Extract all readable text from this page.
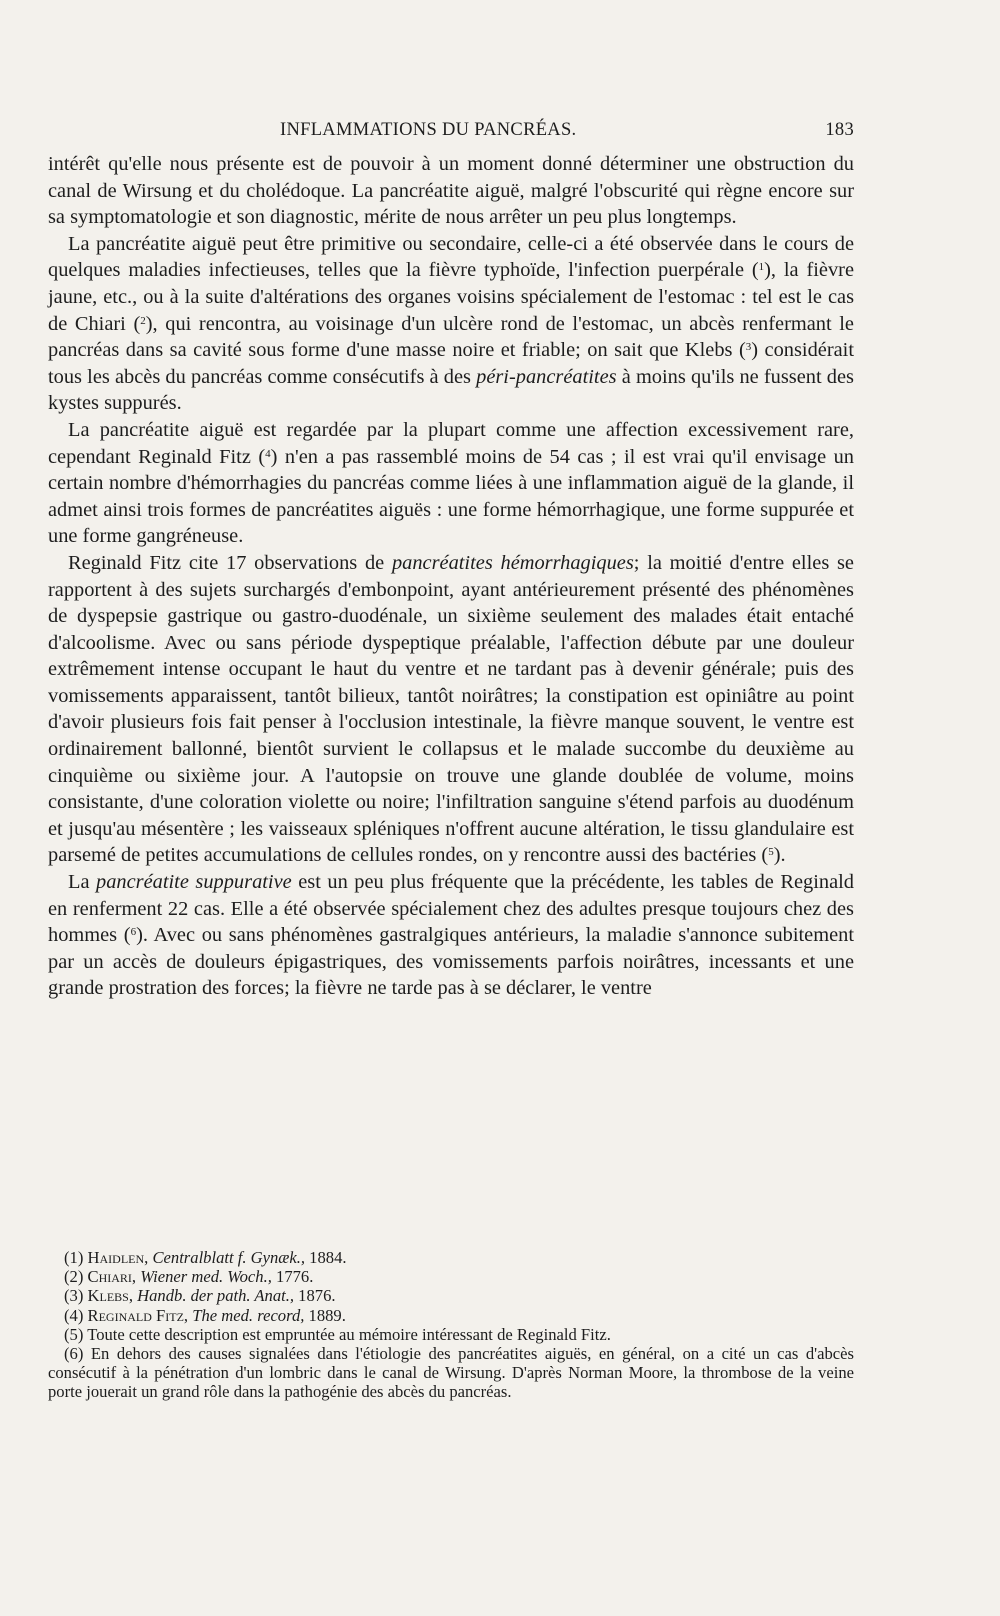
INFLAMMATIONS DU PANCRÉAS.	183

intérêt qu'elle nous présente est de pouvoir à un moment donné déterminer une obstruction du canal de Wirsung et du cholédoque. La pancréatite aiguë, malgré l'obscurité qui règne encore sur sa symptomatologie et son diagnostic, mérite de nous arrêter un peu plus longtemps.

La pancréatite aiguë peut être primitive ou secondaire, celle-ci a été observée dans le cours de quelques maladies infectieuses, telles que la fièvre typhoïde, l'infection puerpérale ($^1$), la fièvre jaune, etc., ou à la suite d'altérations des organes voisins spécialement de l'estomac : tel est le cas de Chiari ($^2$), qui rencontra, au voisinage d'un ulcère rond de l'estomac, un abcès renfermant le pancréas dans sa cavité sous forme d'une masse noire et friable; on sait que Klebs ($^3$) considérait tous les abcès du pancréas comme consécutifs à des péri-pancréatites à moins qu'ils ne fussent des kystes suppurés.

La pancréatite aiguë est regardée par la plupart comme une affection excessivement rare, cependant Reginald Fitz ($^4$) n'en a pas rassemblé moins de 54 cas ; il est vrai qu'il envisage un certain nombre d'hémorrhagies du pancréas comme liées à une inflammation aiguë de la glande, il admet ainsi trois formes de pancréatites aiguës : une forme hémorrhagique, une forme suppurée et une forme gangréneuse.

Reginald Fitz cite 17 observations de pancréatites hémorrhagiques; la moitié d'entre elles se rapportent à des sujets surchargés d'embonpoint, ayant antérieurement présenté des phénomènes de dyspepsie gastrique ou gastro-duodénale, un sixième seulement des malades était entaché d'alcoolisme. Avec ou sans période dyspeptique préalable, l'affection débute par une douleur extrêmement intense occupant le haut du ventre et ne tardant pas à devenir générale; puis des vomissements apparaissent, tantôt bilieux, tantôt noirâtres; la constipation est opiniâtre au point d'avoir plusieurs fois fait penser à l'occlusion intestinale, la fièvre manque souvent, le ventre est ordinairement ballonné, bientôt survient le collapsus et le malade succombe du deuxième au cinquième ou sixième jour. A l'autopsie on trouve une glande doublée de volume, moins consistante, d'une coloration violette ou noire; l'infiltration sanguine s'étend parfois au duodénum et jusqu'au mésentère ; les vaisseaux spléniques n'offrent aucune altération, le tissu glandulaire est parsemé de petites accumulations de cellules rondes, on y rencontre aussi des bactéries ($^5$).

La pancréatite suppurative est un peu plus fréquente que la précédente, les tables de Reginald en renferment 22 cas. Elle a été observée spécialement chez des adultes presque toujours chez des hommes ($^6$). Avec ou sans phénomènes gastralgiques antérieurs, la maladie s'annonce subitement par un accès de douleurs épigastriques, des vomissements parfois noirâtres, incessants et une grande prostration des forces; la fièvre ne tarde pas à se déclarer, le ventre

(1) Haidlen, Centralblatt f. Gynæk., 1884.

(2) Chiari, Wiener med. Woch., 1776.

(3) Klebs, Handb. der path. Anat., 1876.

(4) Reginald Fitz, The med. record, 1889.

(5) Toute cette description est empruntée au mémoire intéressant de Reginald Fitz.

(6) En dehors des causes signalées dans l'étiologie des pancréatites aiguës, en général, on a cité un cas d'abcès consécutif à la pénétration d'un lombric dans le canal de Wirsung. D'après Norman Moore, la thrombose de la veine porte jouerait un grand rôle dans la pathogénie des abcès du pancréas.
